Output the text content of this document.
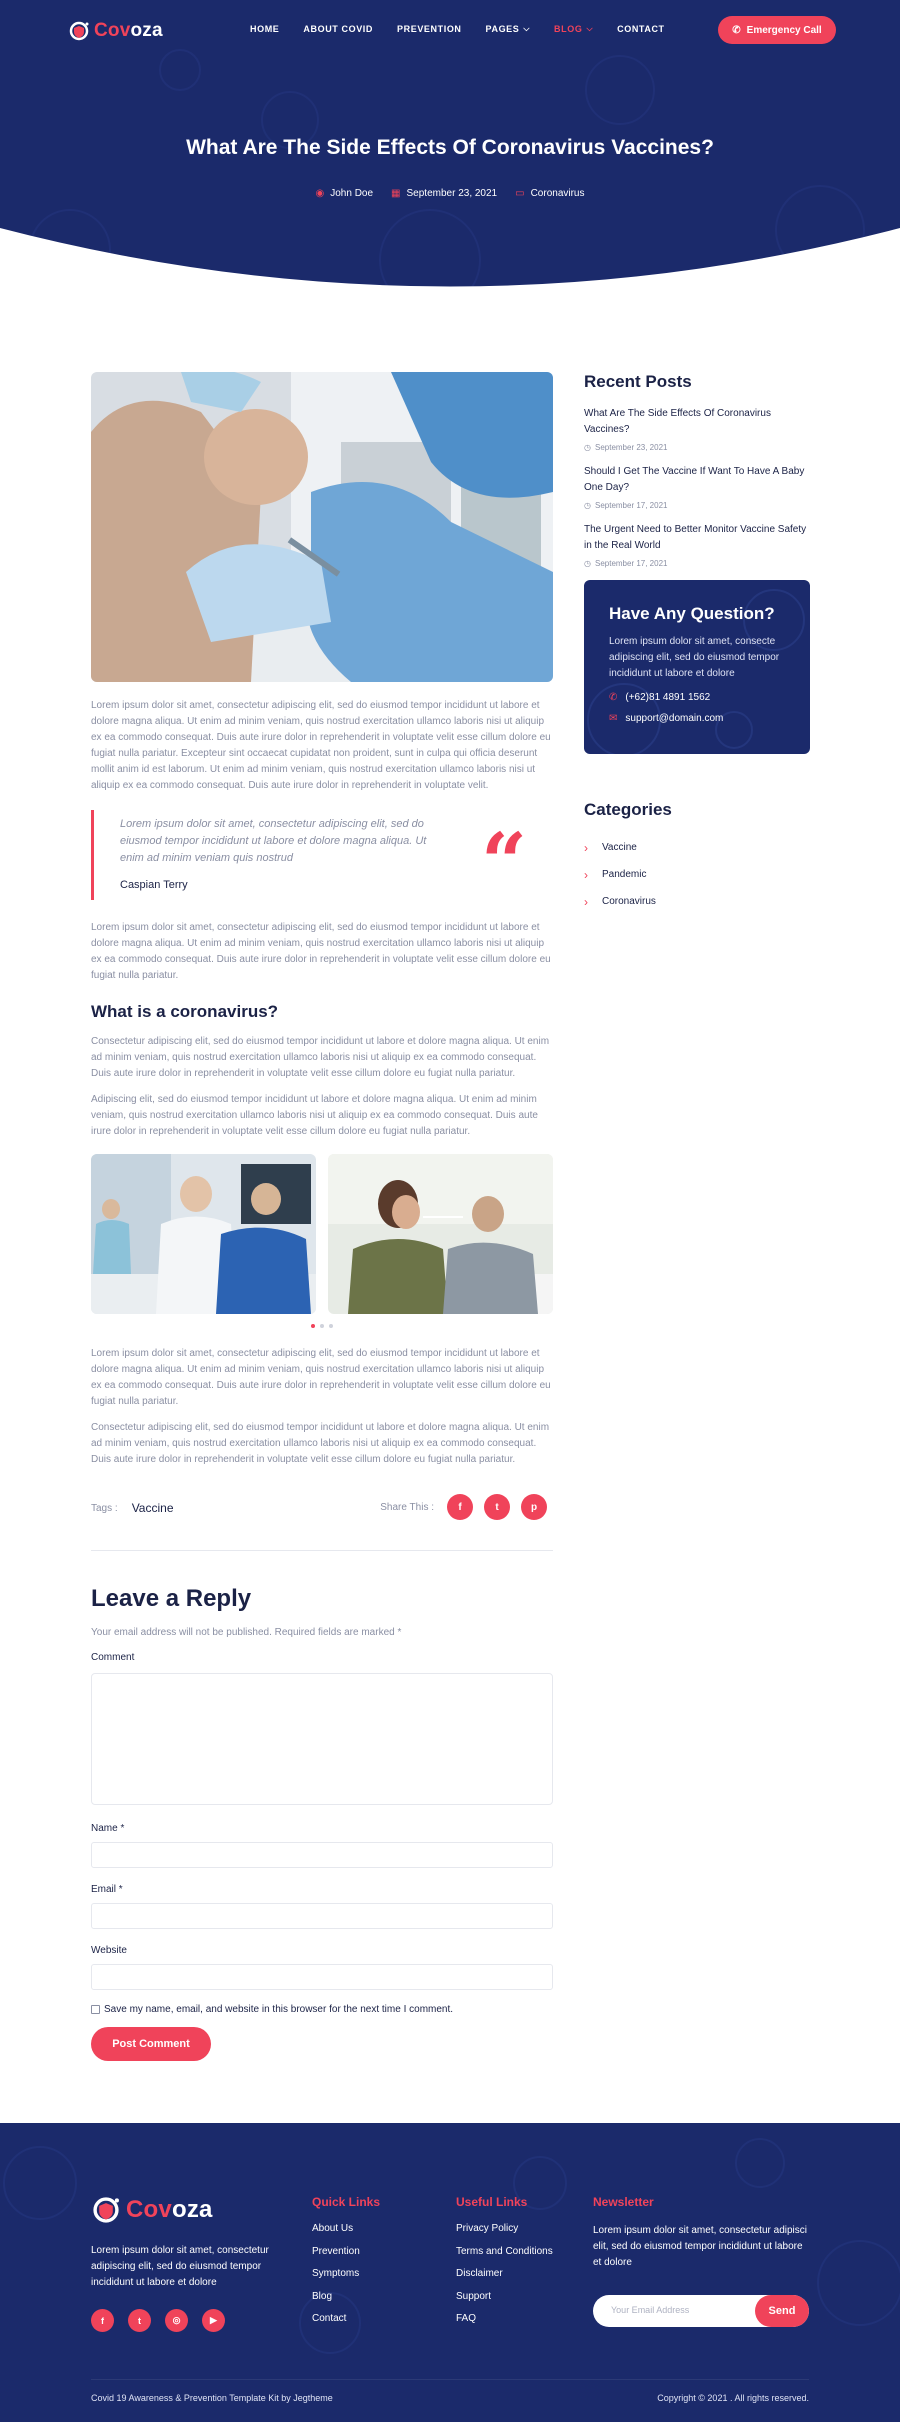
Covoza	HOME	ABOUT COVID	PREVENTION	PAGES ⌵	BLOG ⌵	CONTACT	✆ Emergency Call
What Are The Side Effects Of Coronavirus Vaccines?
◉ John Doe ▦ September 23, 2021 ▭ Coronavirus

Lorem ipsum dolor sit amet, consectetur adipiscing elit, sed do eiusmod tempor incididunt ut labore et dolore magna aliqua. Ut enim ad minim veniam, quis nostrud exercitation ullamco laboris nisi ut aliquip ex ea commodo consequat. Duis aute irure dolor in reprehenderit in voluptate velit esse cillum dolore eu fugiat nulla pariatur. Excepteur sint occaecat cupidatat non proident, sunt in culpa qui officia deserunt mollit anim id est laborum. Ut enim ad minim veniam, quis nostrud exercitation ullamco laboris nisi ut aliquip ex ea commodo consequat. Duis aute irure dolor in reprehenderit in voluptate velit.

Lorem ipsum dolor sit amet, consectetur adipiscing elit, sed do eiusmod tempor incididunt ut labore et dolore magna aliqua. Ut enim ad minim veniam quis nostrud

Caspian Terry	“

Lorem ipsum dolor sit amet, consectetur adipiscing elit, sed do eiusmod tempor incididunt ut labore et dolore magna aliqua. Ut enim ad minim veniam, quis nostrud exercitation ullamco laboris nisi ut aliquip ex ea commodo consequat. Duis aute irure dolor in reprehenderit in voluptate velit esse cillum dolore eu fugiat nulla pariatur.

What is a coronavirus?

Consectetur adipiscing elit, sed do eiusmod tempor incididunt ut labore et dolore magna aliqua. Ut enim ad minim veniam, quis nostrud exercitation ullamco laboris nisi ut aliquip ex ea commodo consequat. Duis aute irure dolor in reprehenderit in voluptate velit esse cillum dolore eu fugiat nulla pariatur.

Adipiscing elit, sed do eiusmod tempor incididunt ut labore et dolore magna aliqua. Ut enim ad minim veniam, quis nostrud exercitation ullamco laboris nisi ut aliquip ex ea commodo consequat. Duis aute irure dolor in reprehenderit in voluptate velit esse cillum dolore eu fugiat nulla pariatur.

Lorem ipsum dolor sit amet, consectetur adipiscing elit, sed do eiusmod tempor incididunt ut labore et dolore magna aliqua. Ut enim ad minim veniam, quis nostrud exercitation ullamco laboris nisi ut aliquip ex ea commodo consequat. Duis aute irure dolor in reprehenderit in voluptate velit esse cillum dolore eu fugiat nulla pariatur.

Consectetur adipiscing elit, sed do eiusmod tempor incididunt ut labore et dolore magna aliqua. Ut enim ad minim veniam, quis nostrud exercitation ullamco laboris nisi ut aliquip ex ea commodo consequat. Duis aute irure dolor in reprehenderit in voluptate velit esse cillum dolore eu fugiat nulla pariatur.

Tags : Vaccine	Share This :	f	t	p
Leave a Reply

Your email address will not be published. Required fields are marked *

Comment
Name *
Email *
Website
Save my name, email, and website in this browser for the next time I comment.
Post Comment
Recent Posts
What Are The Side Effects Of Coronavirus Vaccines?
◷ September 23, 2021
Should I Get The Vaccine If Want To Have A Baby One Day?
◷ September 17, 2021
The Urgent Need to Better Monitor Vaccine Safety in the Real World
◷ September 17, 2021
Have Any Question?

Lorem ipsum dolor sit amet, consecte adipiscing elit, sed do eiusmod tempor incididunt ut labore et dolore

✆ (+62)81 4891 1562
✉ support@domain.com
Categories
› Vaccine
› Pandemic
› Coronavirus
Covoza

Lorem ipsum dolor sit amet, consectetur adipiscing elit, sed do eiusmod tempor incididunt ut labore et dolore

f	t	◎	▶
Quick Links
About Us
Prevention
Symptoms
Blog
Contact
Useful Links
Privacy Policy
Terms and Conditions
Disclaimer
Support
FAQ
Newsletter

Lorem ipsum dolor sit amet, consectetur adipisci elit, sed do eiusmod tempor incididunt ut labore et dolore

Your Email Address	Send
Covid 19 Awareness & Prevention Template Kit by Jegtheme	Copyright © 2021 . All rights reserved.
